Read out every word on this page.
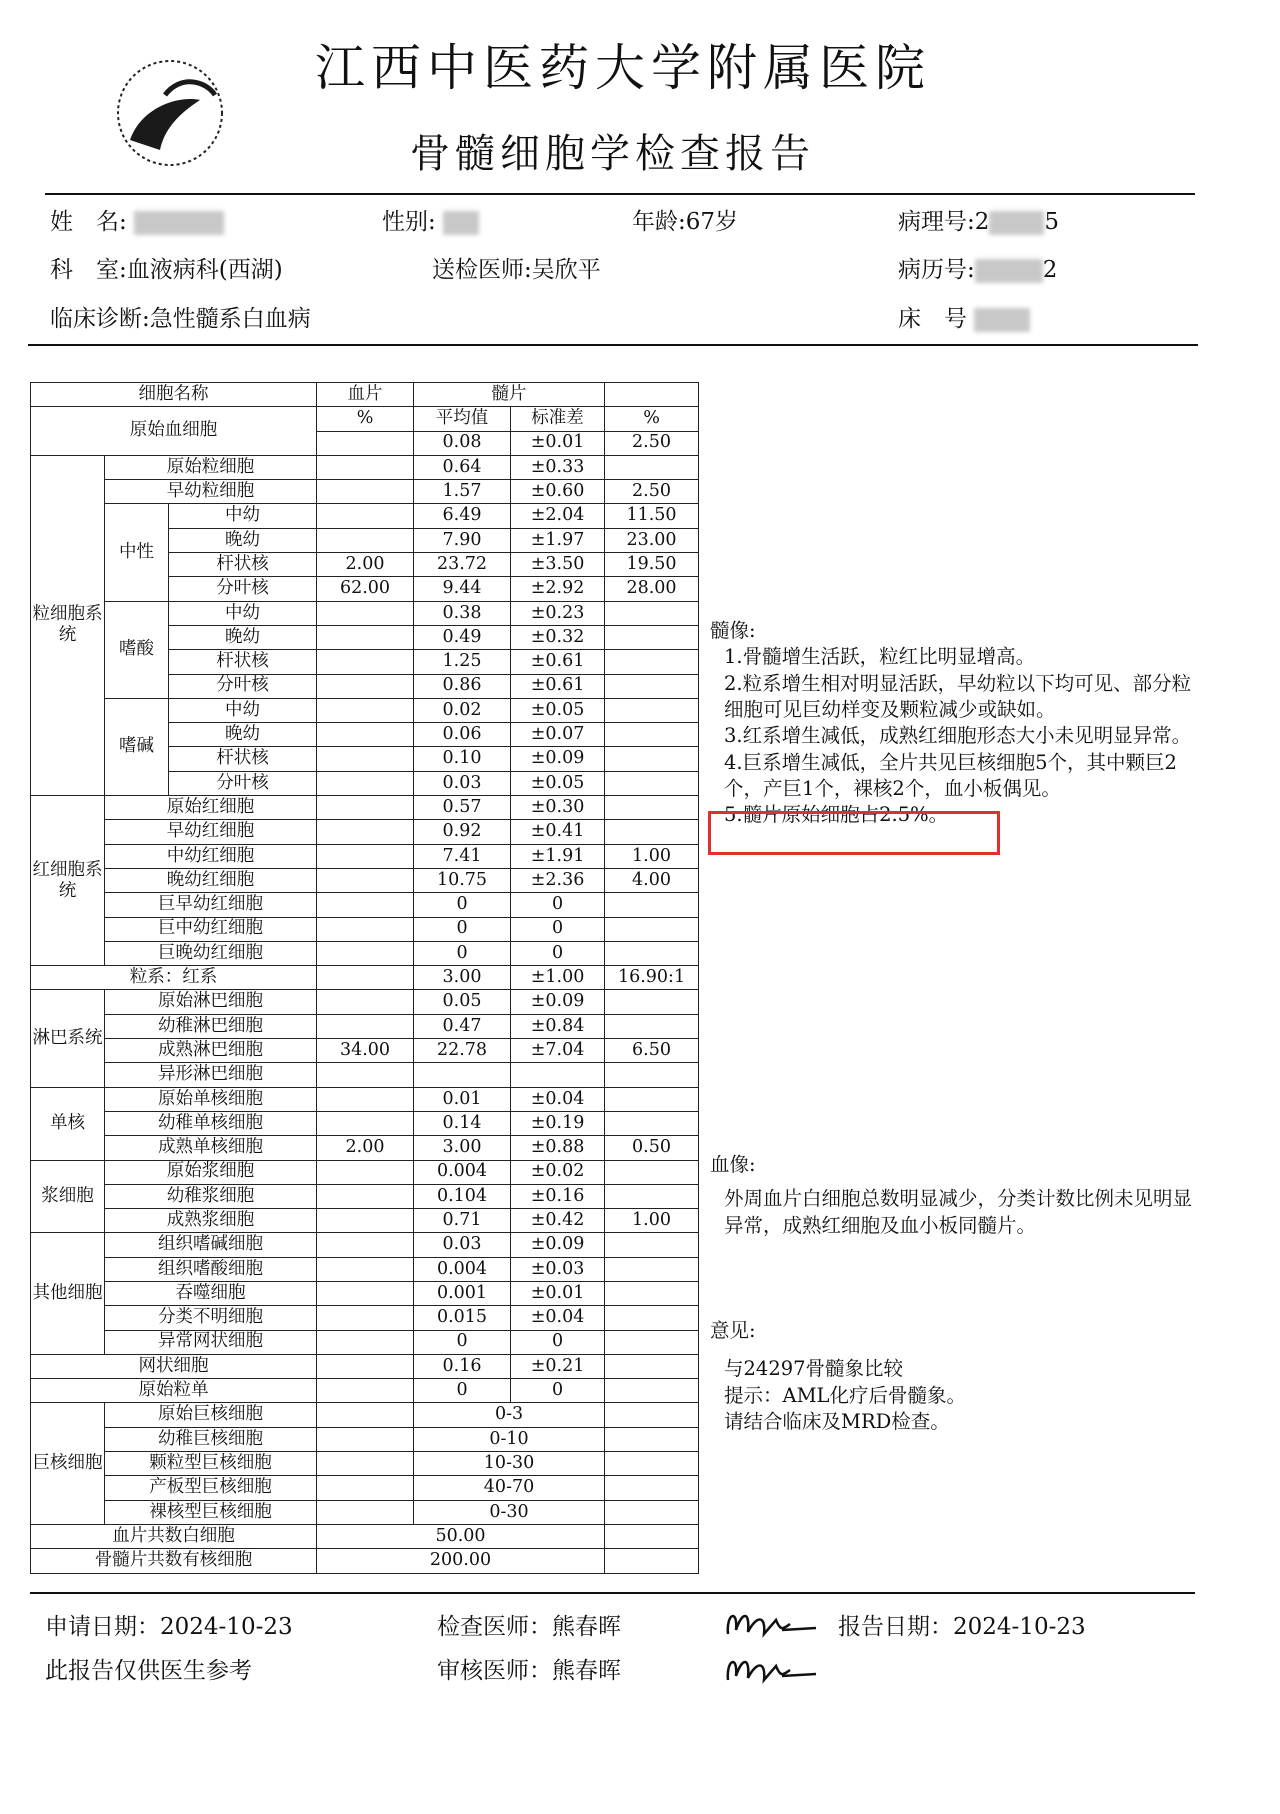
江西中医药大学附属医院
骨髓细胞学检查报告
姓　名:	性别:	年龄:67岁	病理号:2 5
科　室:血液病科(西湖)	送检医师:吴欣平	病历号:	2
临床诊断:急性髓系白血病	床　号
细胞名称			血片	髓片		
原始血细胞			%	平均值	标准差	%
				0.08	±0.01	2.50
粒细胞系统	原始粒细胞			0.64	±0.33	
	早幼粒细胞			1.57	±0.60	2.50
	中性	中幼		6.49	±2.04	11.50
		晚幼		7.90	±1.97	23.00
		杆状核	2.00	23.72	±3.50	19.50
		分叶核	62.00	9.44	±2.92	28.00
	嗜酸	中幼		0.38	±0.23	
		晚幼		0.49	±0.32	
		杆状核		1.25	±0.61	
		分叶核		0.86	±0.61	
	嗜碱	中幼		0.02	±0.05	
		晚幼		0.06	±0.07	
		杆状核		0.10	±0.09	
		分叶核		0.03	±0.05	
红细胞系统	原始红细胞			0.57	±0.30	
	早幼红细胞			0.92	±0.41	
	中幼红细胞			7.41	±1.91	1.00
	晚幼红细胞			10.75	±2.36	4.00
	巨早幼红细胞			0	0	
	巨中幼红细胞			0	0	
	巨晚幼红细胞			0	0	
粒系：红系				3.00	±1.00	16.90:1
淋巴系统	原始淋巴细胞			0.05	±0.09	
	幼稚淋巴细胞			0.47	±0.84	
	成熟淋巴细胞		34.00	22.78	±7.04	6.50
	异形淋巴细胞					
单核	原始单核细胞			0.01	±0.04	
	幼稚单核细胞			0.14	±0.19	
	成熟单核细胞		2.00	3.00	±0.88	0.50
浆细胞	原始浆细胞			0.004	±0.02	
	幼稚浆细胞			0.104	±0.16	
	成熟浆细胞			0.71	±0.42	1.00
其他细胞	组织嗜碱细胞			0.03	±0.09	
	组织嗜酸细胞			0.004	±0.03	
	吞噬细胞			0.001	±0.01	
	分类不明细胞			0.015	±0.04	
	异常网状细胞			0	0	
网状细胞				0.16	±0.21	
原始粒单				0	0	
巨核细胞	原始巨核细胞			0-3		
	幼稚巨核细胞			0-10		
	颗粒型巨核细胞			10-30		
	产板型巨核细胞			40-70		
	裸核型巨核细胞			0-30		
血片共数白细胞			50.00			
骨髓片共数有核细胞			200.00			
髓像:
1.骨髓增生活跃，粒红比明显增高。
2.粒系增生相对明显活跃，早幼粒以下均可见、部分粒细胞可见巨幼样变及颗粒减少或缺如。
3.红系增生减低，成熟红细胞形态大小未见明显异常。
4.巨系增生减低，全片共见巨核细胞5个，其中颗巨2个，产巨1个，裸核2个，血小板偶见。
5.髓片原始细胞占2.5%。
血像:
外周血片白细胞总数明显减少，分类计数比例未见明显异常，成熟红细胞及血小板同髓片。
意见:
与24297骨髓象比较
提示：AML化疗后骨髓象。
请结合临床及MRD检查。
申请日期：2024-10-23	检查医师：熊春晖	报告日期：2024-10-23
此报告仅供医生参考	审核医师：熊春晖
